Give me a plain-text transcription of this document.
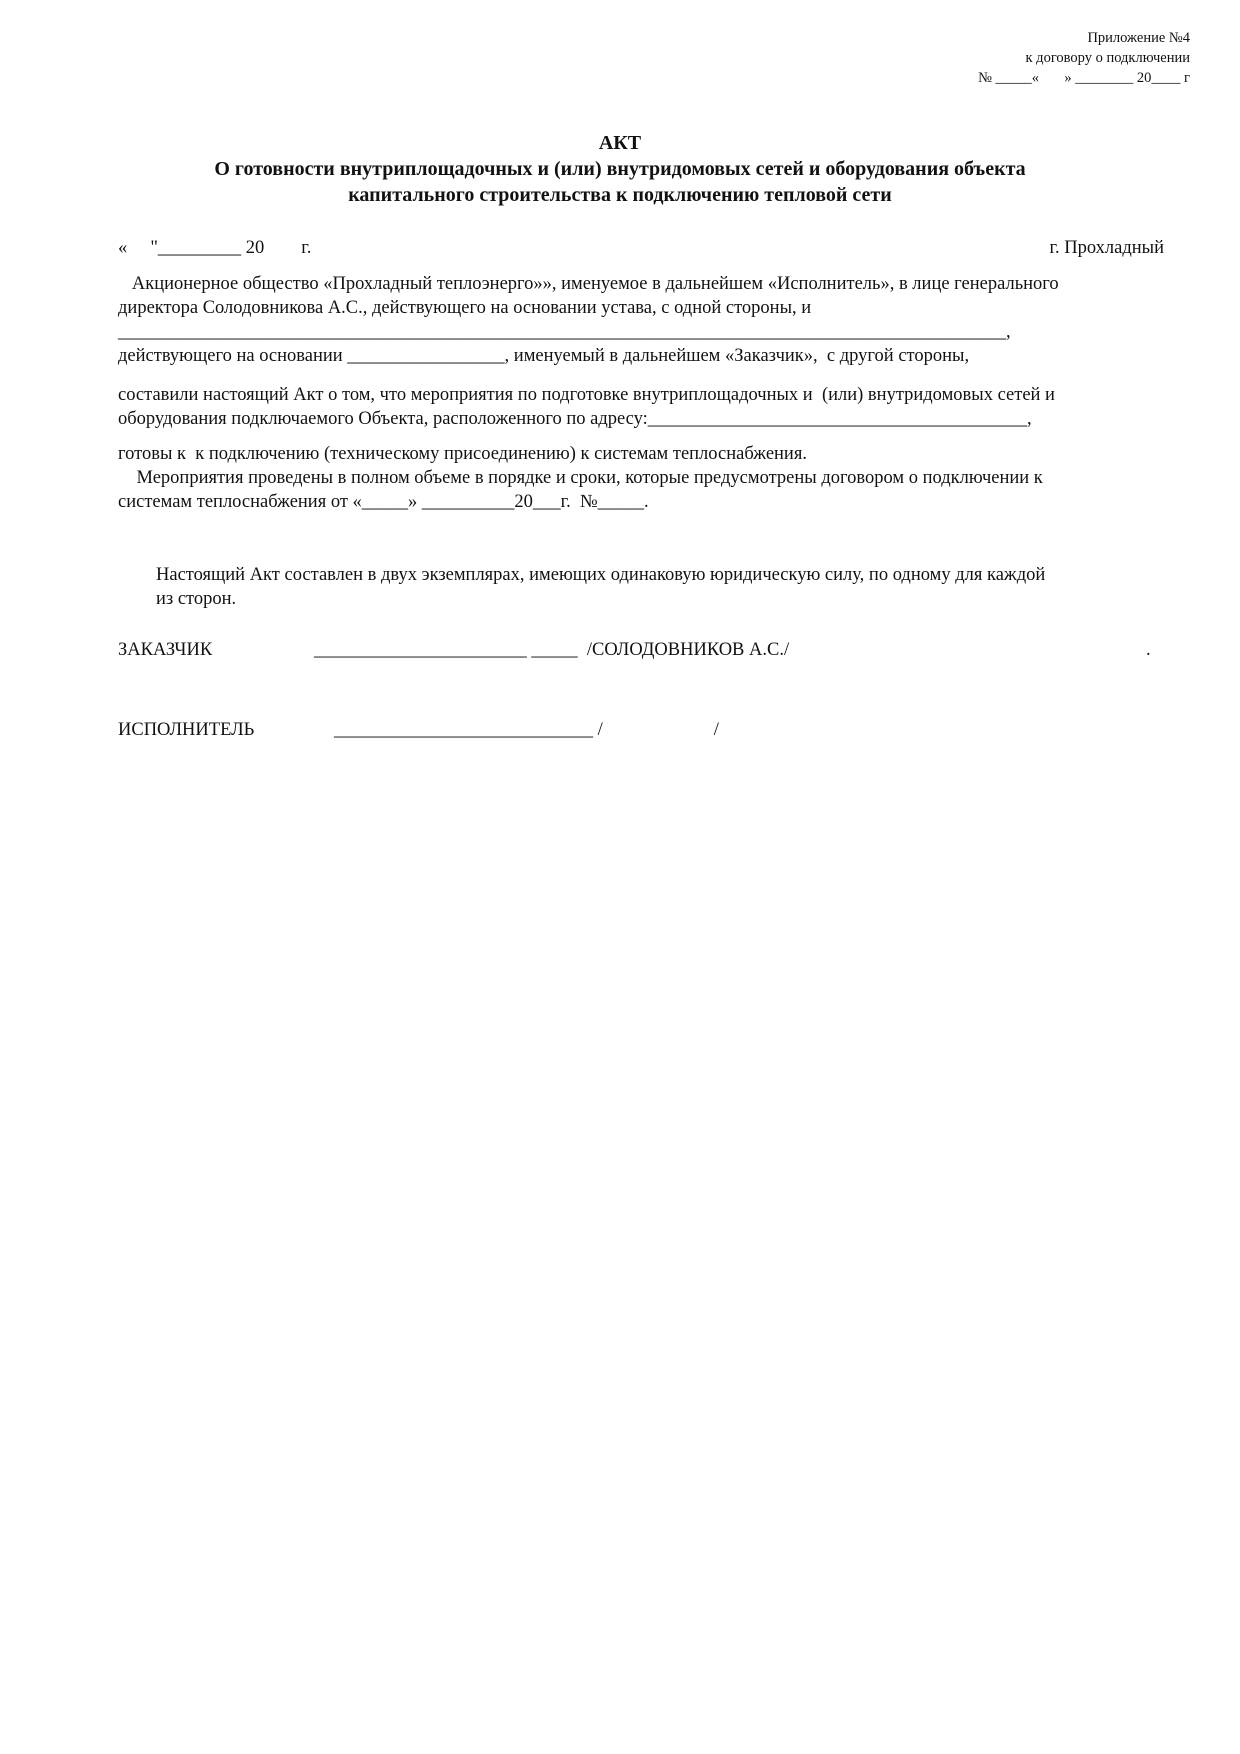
Приложение №4
к договору о подключении
№ _____«       » ________ 20____ г
АКТ
О готовности внутриплощадочных и (или) внутридомовых сетей и оборудования объекта
капитального строительства к подключению тепловой сети
«     "_________ 20        г.	г. Прохладный
Акционерное общество «Прохладный теплоэнерго»», именуемое в дальнейшем «Исполнитель», в лице генерального
директора Солодовникова А.С., действующего на основании устава, с одной стороны, и
________________________________________________________________________________________________,
действующего на основании _________________, именуемый в дальнейшем «Заказчик»,  с другой стороны,
составили настоящий Акт о том, что мероприятия по подготовке внутриплощадочных и  (или) внутридомовых сетей и
оборудования подключаемого Объекта, расположенного по адресу:_________________________________________,
готовы к  к подключению (техническому присоединению) к системам теплоснабжения.
Мероприятия проведены в полном объеме в порядке и сроки, которые предусмотрены договором о подключении к
системам теплоснабжения от «_____» __________20___г.  №_____.
Настоящий Акт составлен в двух экземплярах, имеющих одинаковую юридическую силу, по одному для каждой
из сторон.
ЗАКАЗЧИК	_______________________ _____  /СОЛОДОВНИКОВ А.С./	.
ИСПОЛНИТЕЛЬ	____________________________ /                        /
